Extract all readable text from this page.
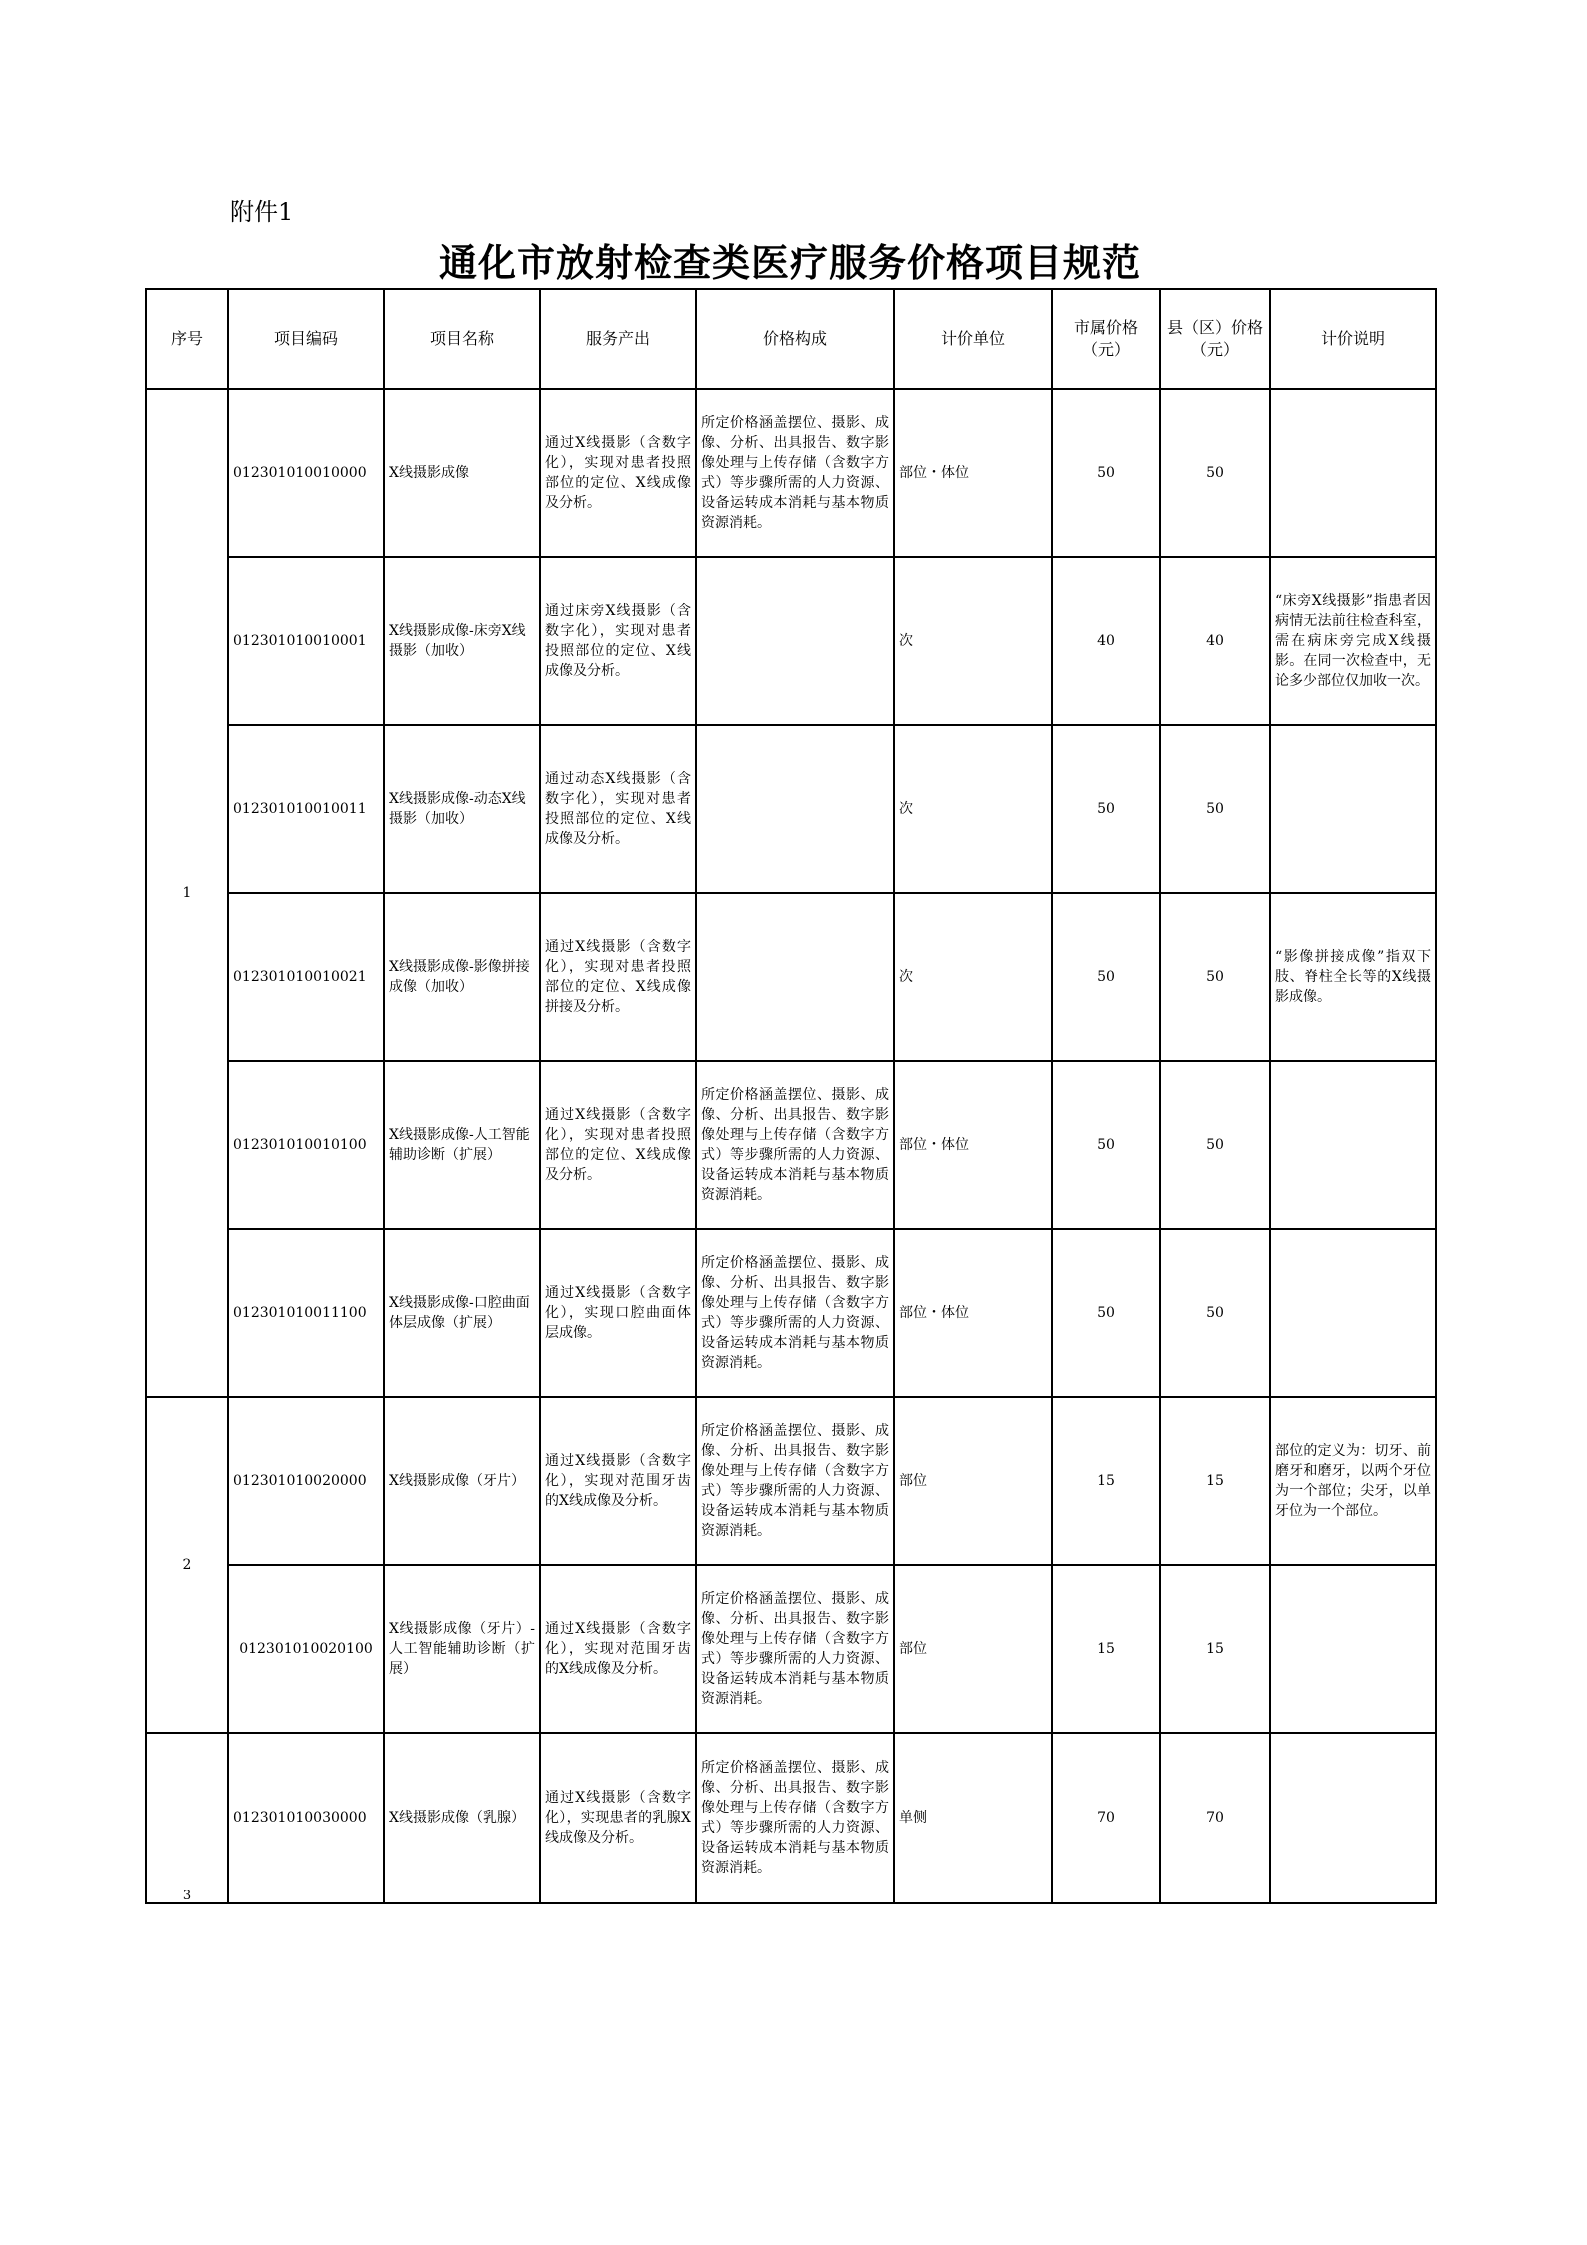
附件1
通化市放射检查类医疗服务价格项目规范
序号	项目编码	项目名称	服务产出	价格构成	计价单位	市属价格（元）	县（区）价格（元）	计价说明
1	012301010010000	X线摄影成像	通过X线摄影（含数字化），实现对患者投照部位的定位、X线成像及分析。	所定价格涵盖摆位、摄影、成像、分析、出具报告、数字影像处理与上传存储（含数字方式）等步骤所需的人力资源、设备运转成本消耗与基本物质资源消耗。	部位・体位	50	50	
	012301010010001	X线摄影成像-床旁X线摄影（加收）	通过床旁X线摄影（含数字化），实现对患者投照部位的定位、X线成像及分析。		次	40	40	“床旁X线摄影”指患者因病情无法前往检查科室，需在病床旁完成X线摄影。在同一次检查中，无论多少部位仅加收一次。
	012301010010011	X线摄影成像-动态X线摄影（加收）	通过动态X线摄影（含数字化），实现对患者投照部位的定位、X线成像及分析。		次	50	50	
	012301010010021	X线摄影成像-影像拼接成像（加收）	通过X线摄影（含数字化），实现对患者投照部位的定位、X线成像拼接及分析。		次	50	50	“影像拼接成像”指双下肢、脊柱全长等的X线摄影成像。
	012301010010100	X线摄影成像-人工智能辅助诊断（扩展）	通过X线摄影（含数字化），实现对患者投照部位的定位、X线成像及分析。	所定价格涵盖摆位、摄影、成像、分析、出具报告、数字影像处理与上传存储（含数字方式）等步骤所需的人力资源、设备运转成本消耗与基本物质资源消耗。	部位・体位	50	50	
	012301010011100	X线摄影成像-口腔曲面体层成像（扩展）	通过X线摄影（含数字化），实现口腔曲面体层成像。	所定价格涵盖摆位、摄影、成像、分析、出具报告、数字影像处理与上传存储（含数字方式）等步骤所需的人力资源、设备运转成本消耗与基本物质资源消耗。	部位・体位	50	50	
2	012301010020000	X线摄影成像（牙片）	通过X线摄影（含数字化），实现对范围牙齿的X线成像及分析。	所定价格涵盖摆位、摄影、成像、分析、出具报告、数字影像处理与上传存储（含数字方式）等步骤所需的人力资源、设备运转成本消耗与基本物质资源消耗。	部位	15	15	部位的定义为：切牙、前磨牙和磨牙，以两个牙位为一个部位；尖牙，以单牙位为一个部位。
	012301010020100	X线摄影成像（牙片）-人工智能辅助诊断（扩展）	通过X线摄影（含数字化），实现对范围牙齿的X线成像及分析。	所定价格涵盖摆位、摄影、成像、分析、出具报告、数字影像处理与上传存储（含数字方式）等步骤所需的人力资源、设备运转成本消耗与基本物质资源消耗。	部位	15	15	
3	012301010030000	X线摄影成像（乳腺）	通过X线摄影（含数字化），实现患者的乳腺X线成像及分析。	所定价格涵盖摆位、摄影、成像、分析、出具报告、数字影像处理与上传存储（含数字方式）等步骤所需的人力资源、设备运转成本消耗与基本物质资源消耗。	单侧	70	70	
